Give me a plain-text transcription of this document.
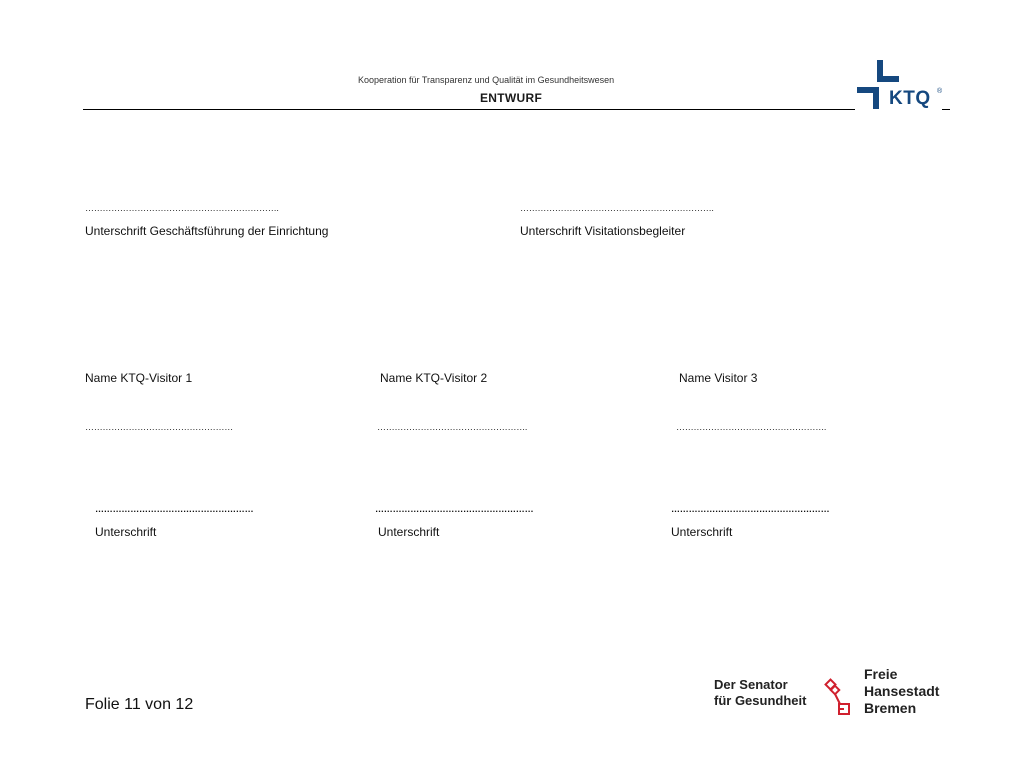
Kooperation für Transparenz und Qualität im Gesundheitswesen
ENTWURF	KTQ ®
………………………………………………………….
Unterschrift Geschäftsführung der Einrichtung
………………………………………………………….
Unterschrift Visitationsbegleiter
Name KTQ-Visitor 1	Name KTQ-Visitor 2	Name Visitor 3
……………………………………………	…………………………………………….	…………………………………………….
………………………………………………	………………………………………………	………………………………………………
Unterschrift	Unterschrift	Unterschrift
Folie 11 von 12
Der Senator
für Gesundheit
Freie
Hansestadt
Bremen
